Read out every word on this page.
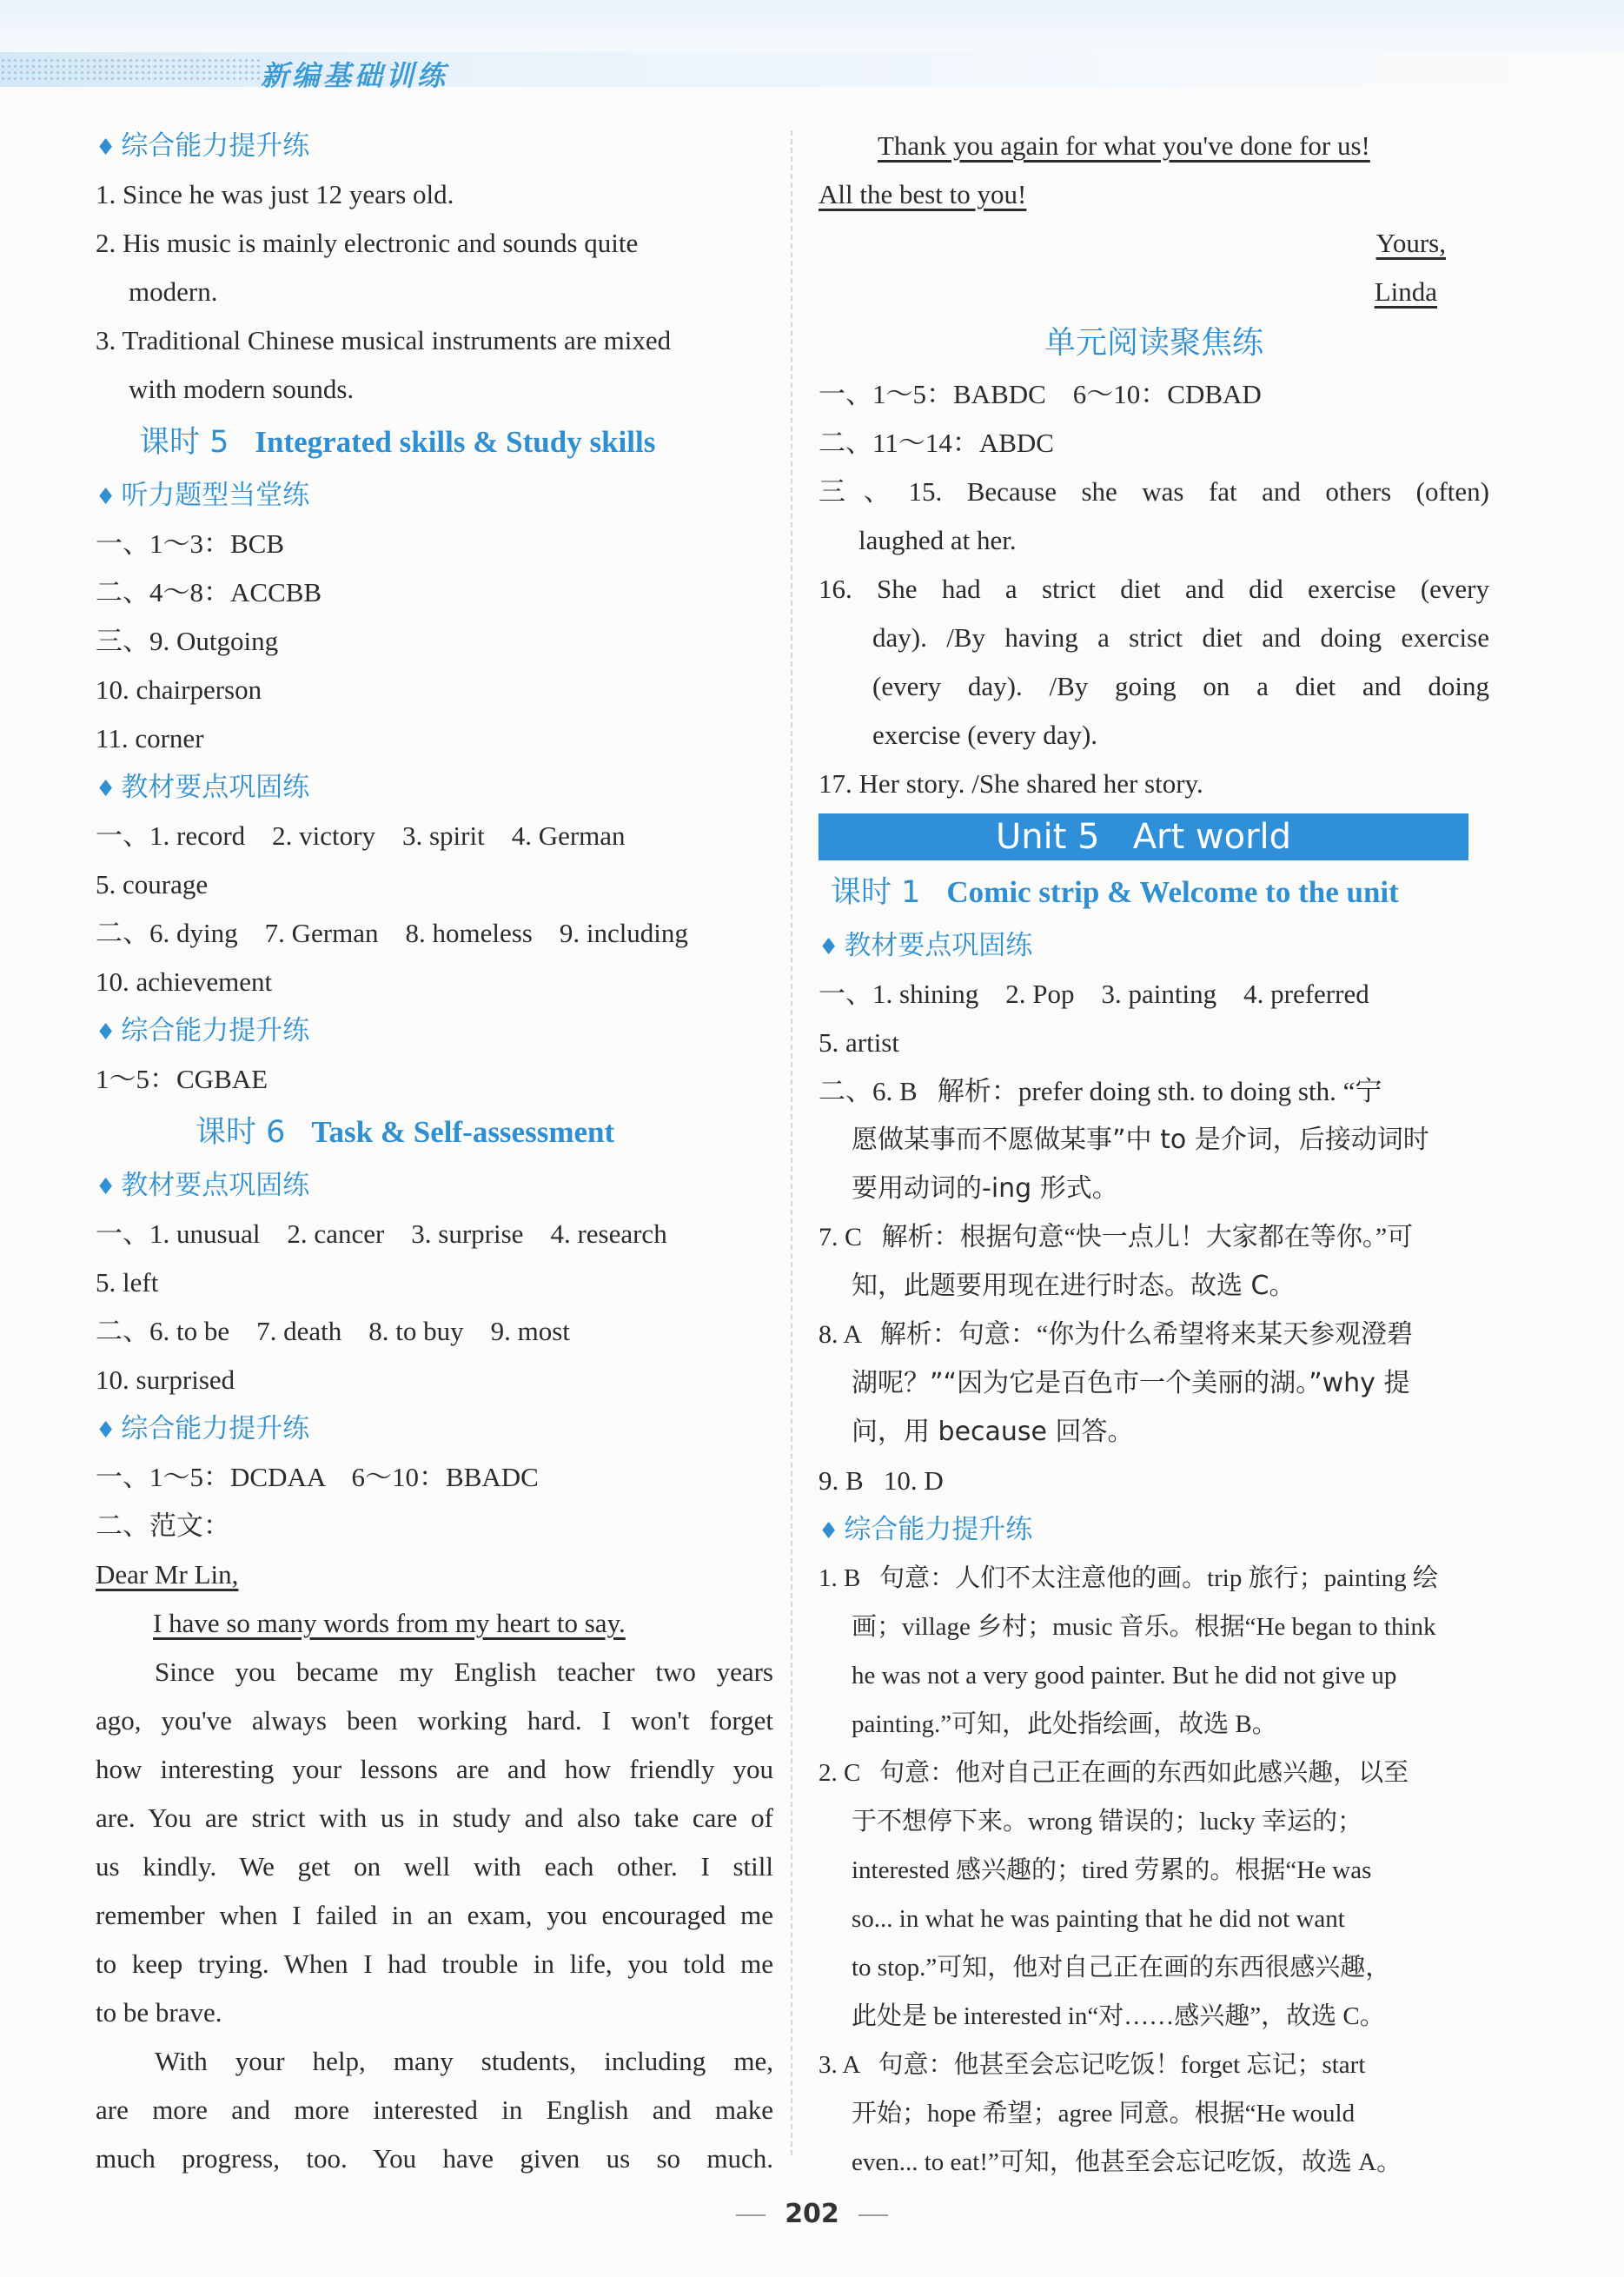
新编基础训练
♦ 综合能力提升练
1. Since he was just 12 years old.
2. His music is mainly electronic and sounds quite
modern.
3. Traditional Chinese musical instruments are mixed
with modern sounds.
课时 5 Integrated skills & Study skills
♦ 听力题型当堂练
一、1～3：BCB
二、4～8：ACCBB
三、9. Outgoing
10. chairperson
11. corner
♦ 教材要点巩固练
一、1. record    2. victory    3. spirit    4. German
5. courage
二、6. dying    7. German    8. homeless    9. including
10. achievement
♦ 综合能力提升练
1～5：CGBAE
课时 6 Task & Self-assessment
♦ 教材要点巩固练
一、1. unusual    2. cancer    3. surprise    4. research
5. left
二、6. to be    7. death    8. to buy    9. most
10. surprised
♦ 综合能力提升练
一、1～5：DCDAA    6～10：BBADC
二、范文：
Dear Mr Lin,
I have so many words from my heart to say.
Since you became my English teacher two years
ago, you've always been working hard. I won't forget
how interesting your lessons are and how friendly you
are. You are strict with us in study and also take care of
us kindly. We get on well with each other. I still
remember when I failed in an exam, you encouraged me
to keep trying. When I had trouble in life, you told me
to be brave.
With your help, many students, including me,
are more and more interested in English and make
much progress, too. You have given us so much.
Thank you again for what you've done for us!
All the best to you!
Yours,
Linda
单元阅读聚焦练
一、1～5：BABDC    6～10：CDBAD
二、11～14：ABDC
三、15. Because she was fat and others (often)
laughed at her.
16. She had a strict diet and did exercise (every
day). /By having a strict diet and doing exercise
(every day). /By going on a diet and doing
exercise (every day).
17. Her story. /She shared her story.
Unit 5   Art world
课时 1 Comic strip & Welcome to the unit
♦ 教材要点巩固练
一、1. shining    2. Pop    3. painting    4. preferred
5. artist
二、6. B   解析：prefer doing sth. to doing sth. “宁
愿做某事而不愿做某事”中 to 是介词，后接动词时
要用动词的-ing 形式。
7. C   解析：根据句意“快一点儿！大家都在等你。”可
知，此题要用现在进行时态。故选 C。
8. A   解析：句意：“你为什么希望将来某天参观澄碧
湖呢？”“因为它是百色市一个美丽的湖。”why 提
问，用 because 回答。
9. B   10. D
♦ 综合能力提升练
1. B   句意：人们不太注意他的画。trip 旅行；painting 绘
画；village 乡村；music 音乐。根据“He began to think
he was not a very good painter. But he did not give up
painting.”可知，此处指绘画，故选 B。
2. C   句意：他对自己正在画的东西如此感兴趣，以至
于不想停下来。wrong 错误的；lucky 幸运的；
interested 感兴趣的；tired 劳累的。根据“He was
so... in what he was painting that he did not want
to stop.”可知，他对自己正在画的东西很感兴趣，
此处是 be interested in“对……感兴趣”，故选 C。
3. A   句意：他甚至会忘记吃饭！forget 忘记；start
开始；hope 希望；agree 同意。根据“He would
even... to eat!”可知，他甚至会忘记吃饭，故选 A。
202
